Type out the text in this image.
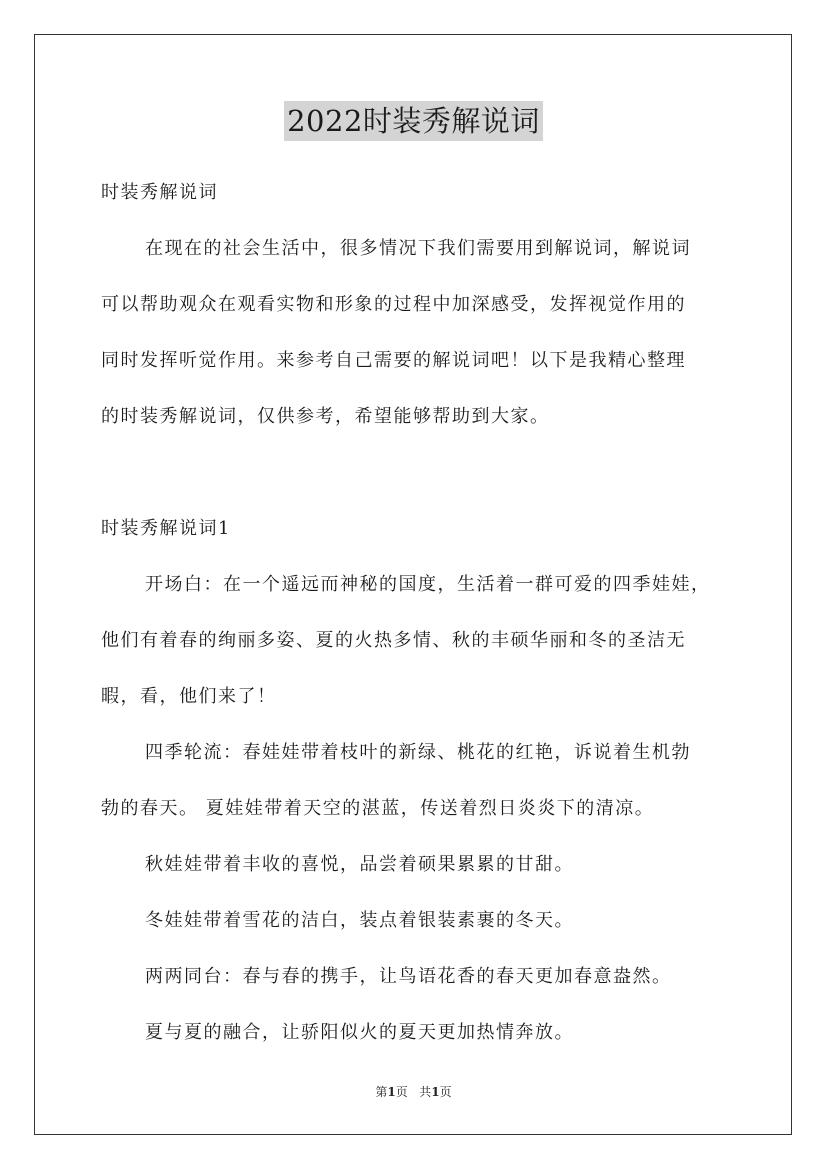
2022时装秀解说词
时装秀解说词
在现在的社会生活中，很多情况下我们需要用到解说词，解说词
可以帮助观众在观看实物和形象的过程中加深感受，发挥视觉作用的
同时发挥听觉作用。来参考自己需要的解说词吧！以下是我精心整理
的时装秀解说词，仅供参考，希望能够帮助到大家。
时装秀解说词1
开场白：在一个遥远而神秘的国度，生活着一群可爱的四季娃娃，
他们有着春的绚丽多姿、夏的火热多情、秋的丰硕华丽和冬的圣洁无
暇，看，他们来了！
四季轮流：春娃娃带着枝叶的新绿、桃花的红艳，诉说着生机勃
勃的春天。 夏娃娃带着天空的湛蓝，传送着烈日炎炎下的清凉。
秋娃娃带着丰收的喜悦，品尝着硕果累累的甘甜。
冬娃娃带着雪花的洁白，装点着银装素裹的冬天。
两两同台：春与春的携手，让鸟语花香的春天更加春意盎然。
夏与夏的融合，让骄阳似火的夏天更加热情奔放。
第1页 共1页
